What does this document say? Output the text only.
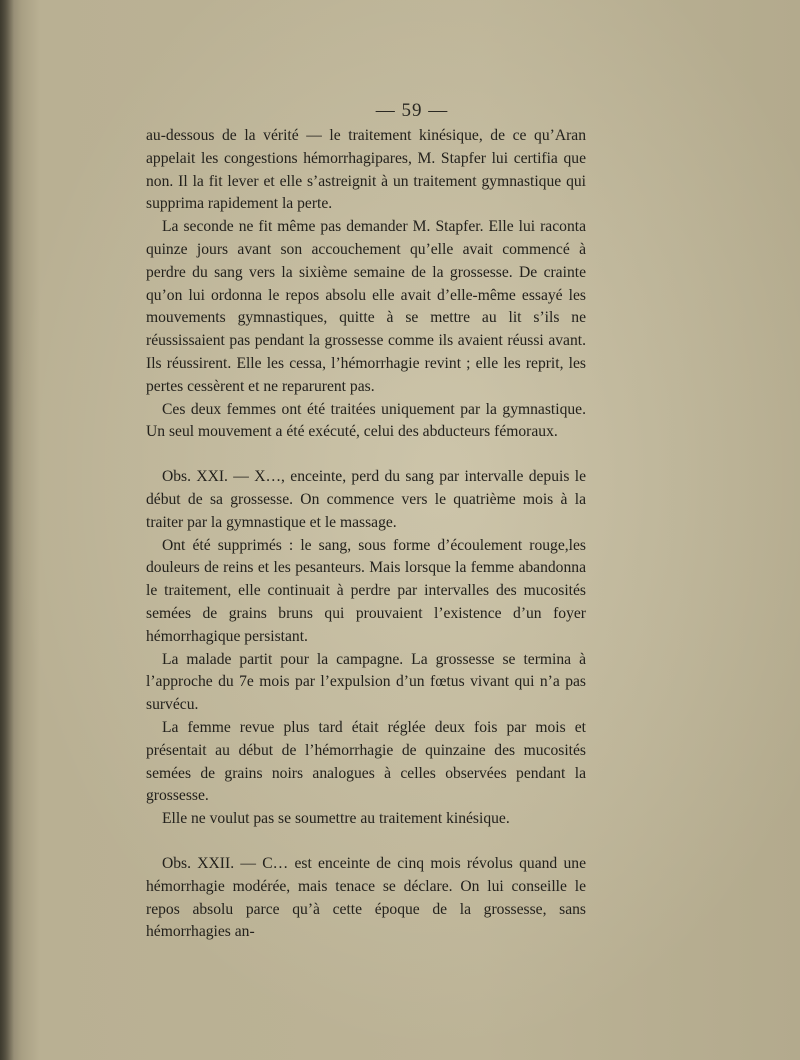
— 59 —

au-dessous de la vérité — le traitement kinésique, de ce qu’Aran appelait les congestions hémorrhagipares, M. Stapfer lui certifia que non. Il la fit lever et elle s’astreignit à un traitement gymnastique qui supprima rapidement la perte.

La seconde ne fit même pas demander M. Stapfer. Elle lui raconta quinze jours avant son accouchement qu’elle avait commencé à perdre du sang vers la sixième semaine de la grossesse. De crainte qu’on lui ordonna le repos absolu elle avait d’elle-même essayé les mouvements gymnastiques, quitte à se mettre au lit s’ils ne réussissaient pas pendant la grossesse comme ils avaient réussi avant. Ils réussirent. Elle les cessa, l’hémorrhagie revint ; elle les reprit, les pertes cessèrent et ne reparurent pas.

Ces deux femmes ont été traitées uniquement par la gymnastique. Un seul mouvement a été exécuté, celui des abducteurs fémoraux.

Obs. XXI. — X…, enceinte, perd du sang par intervalle depuis le début de sa grossesse. On commence vers le quatrième mois à la traiter par la gymnastique et le massage.

Ont été supprimés : le sang, sous forme d’écoulement rouge,les douleurs de reins et les pesanteurs. Mais lorsque la femme abandonna le traitement, elle continuait à perdre par intervalles des mucosités semées de grains bruns qui prouvaient l’existence d’un foyer hémorrhagique persistant.

La malade partit pour la campagne. La grossesse se termina à l’approche du 7e mois par l’expulsion d’un fœtus vivant qui n’a pas survécu.

La femme revue plus tard était réglée deux fois par mois et présentait au début de l’hémorrhagie de quinzaine des mucosités semées de grains noirs analogues à celles observées pendant la grossesse.

Elle ne voulut pas se soumettre au traitement kinésique.

Obs. XXII. — C… est enceinte de cinq mois révolus quand une hémorrhagie modérée, mais tenace se déclare. On lui conseille le repos absolu parce qu’à cette époque de la grossesse, sans hémorrhagies an-
